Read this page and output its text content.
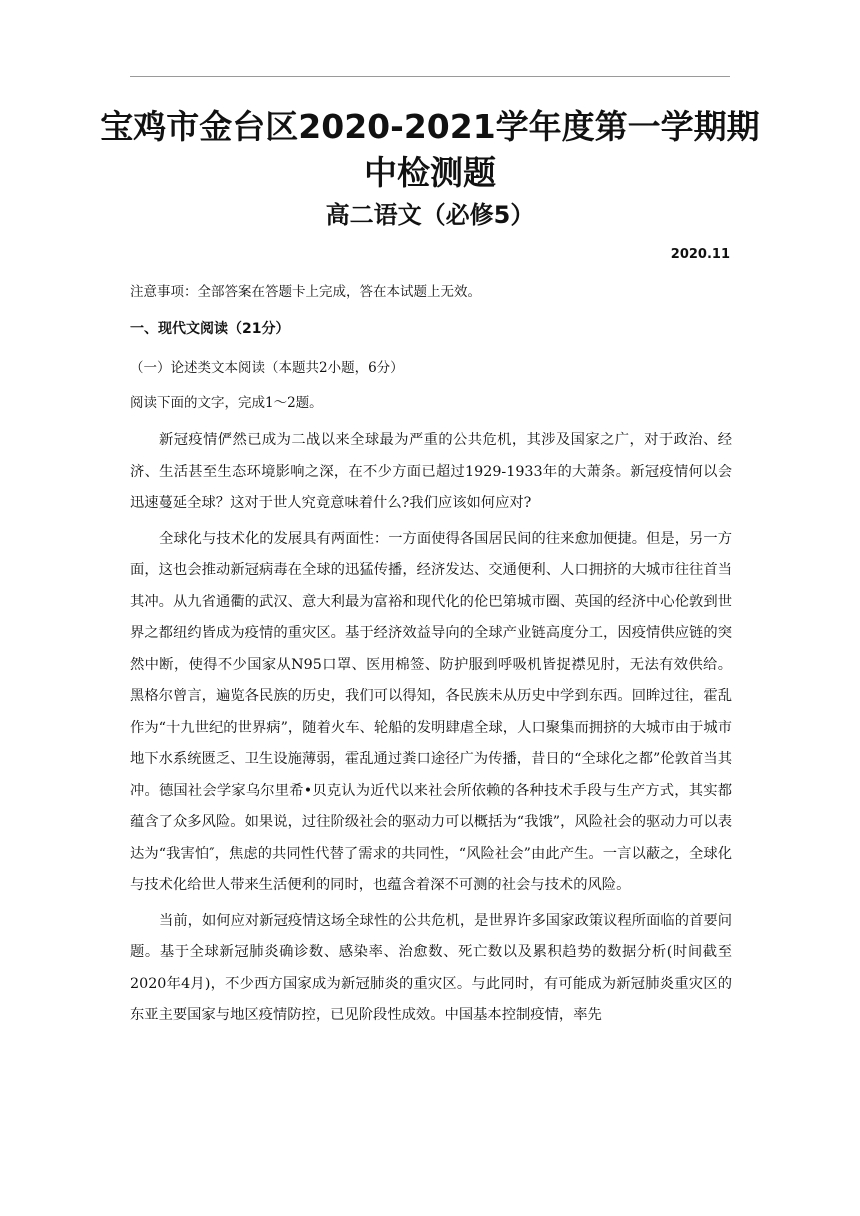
宝鸡市金台区2020-2021学年度第一学期期
中检测题
高二语文（必修5）
2020.11
注意事项：全部答案在答题卡上完成，答在本试题上无效。
一、现代文阅读（21分）
（一）论述类文本阅读（本题共2小题，6分）
阅读下面的文字，完成1～2题。

新冠疫情俨然已成为二战以来全球最为严重的公共危机，其涉及国家之广，对于政治、经济、生活甚至生态环境影响之深，在不少方面已超过1929-1933年的大萧条。新冠疫情何以会迅速蔓延全球？这对于世人究竟意味着什么?我们应该如何应对?

全球化与技术化的发展具有两面性：一方面使得各国居民间的往来愈加便捷。但是，另一方面，这也会推动新冠病毒在全球的迅猛传播，经济发达、交通便利、人口拥挤的大城市往往首当其冲。从九省通衢的武汉、意大利最为富裕和现代化的伦巴第城市圈、英国的经济中心伦敦到世界之都纽约皆成为疫情的重灾区。基于经济效益导向的全球产业链高度分工，因疫情供应链的突然中断，使得不少国家从N95口罩、医用棉签、防护服到呼吸机皆捉襟见肘，无法有效供给。黑格尔曾言，遍览各民族的历史，我们可以得知，各民族未从历史中学到东西。回眸过往，霍乱作为“十九世纪的世界病”，随着火车、轮船的发明肆虐全球，人口聚集而拥挤的大城市由于城市地下水系统匮乏、卫生设施薄弱，霍乱通过粪口途径广为传播，昔日的“全球化之都”伦敦首当其冲。德国社会学家乌尔里希•贝克认为近代以来社会所依赖的各种技术手段与生产方式，其实都蕴含了众多风险。如果说，过往阶级社会的驱动力可以概括为“我饿”，风险社会的驱动力可以表达为“我害怕″，焦虑的共同性代替了需求的共同性，“风险社会”由此产生。一言以蔽之，全球化与技术化给世人带来生活便利的同时，也蕴含着深不可测的社会与技术的风险。

当前，如何应对新冠疫情这场全球性的公共危机，是世界许多国家政策议程所面临的首要问题。基于全球新冠肺炎确诊数、感染率、治愈数、死亡数以及累积趋势的数据分析(时间截至2020年4月)，不少西方国家成为新冠肺炎的重灾区。与此同时，有可能成为新冠肺炎重灾区的东亚主要国家与地区疫情防控，已见阶段性成效。中国基本控制疫情，率先
